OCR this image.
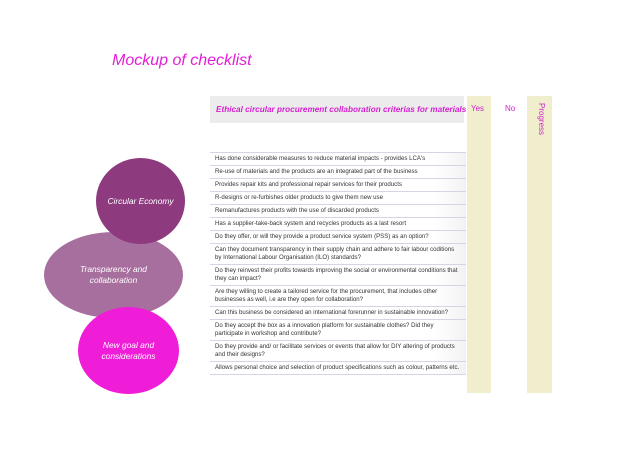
Mockup of checklist
Ethical circular procurement collaboration criterias for materials Yes	No	Progress
Has done considerable measures to reduce material impacts - provides LCA's
Re-use of materials and the products are an integrated part of the business
Provides repair kits and professional repair services for their products
R-designs or re-furbishes older products to give them new use
Remanufactures products with the use of discarded products
Has a supplier-take-back system and recycles products as a last resort
Do they offer, or will they provide a product service system (PSS) as an option?
Can they document transparency in their supply chain and adhere to fair labour coditions by International Labour Organisation (ILO) standards?
Do they reinvest their profits towards improving the social or environmental conditions that they can impact?
Are they willing to create a tailored service for the procurement, that includes other businesses as well, i.e are they open for collaboration?
Can this business be considered an international forerunner in sustainable innovation?
Do they accept the box as a innovation platform for sustainable clothes? Did they participate in workshop and contribute?
Do they provide and/ or facilitate services or events that allow for DIY altering of products and their designs?
Allows personal choice and selection of product specifications such as colour, patterns etc.
Transparency and collaboration
Circular Economy
New goal and considerations
